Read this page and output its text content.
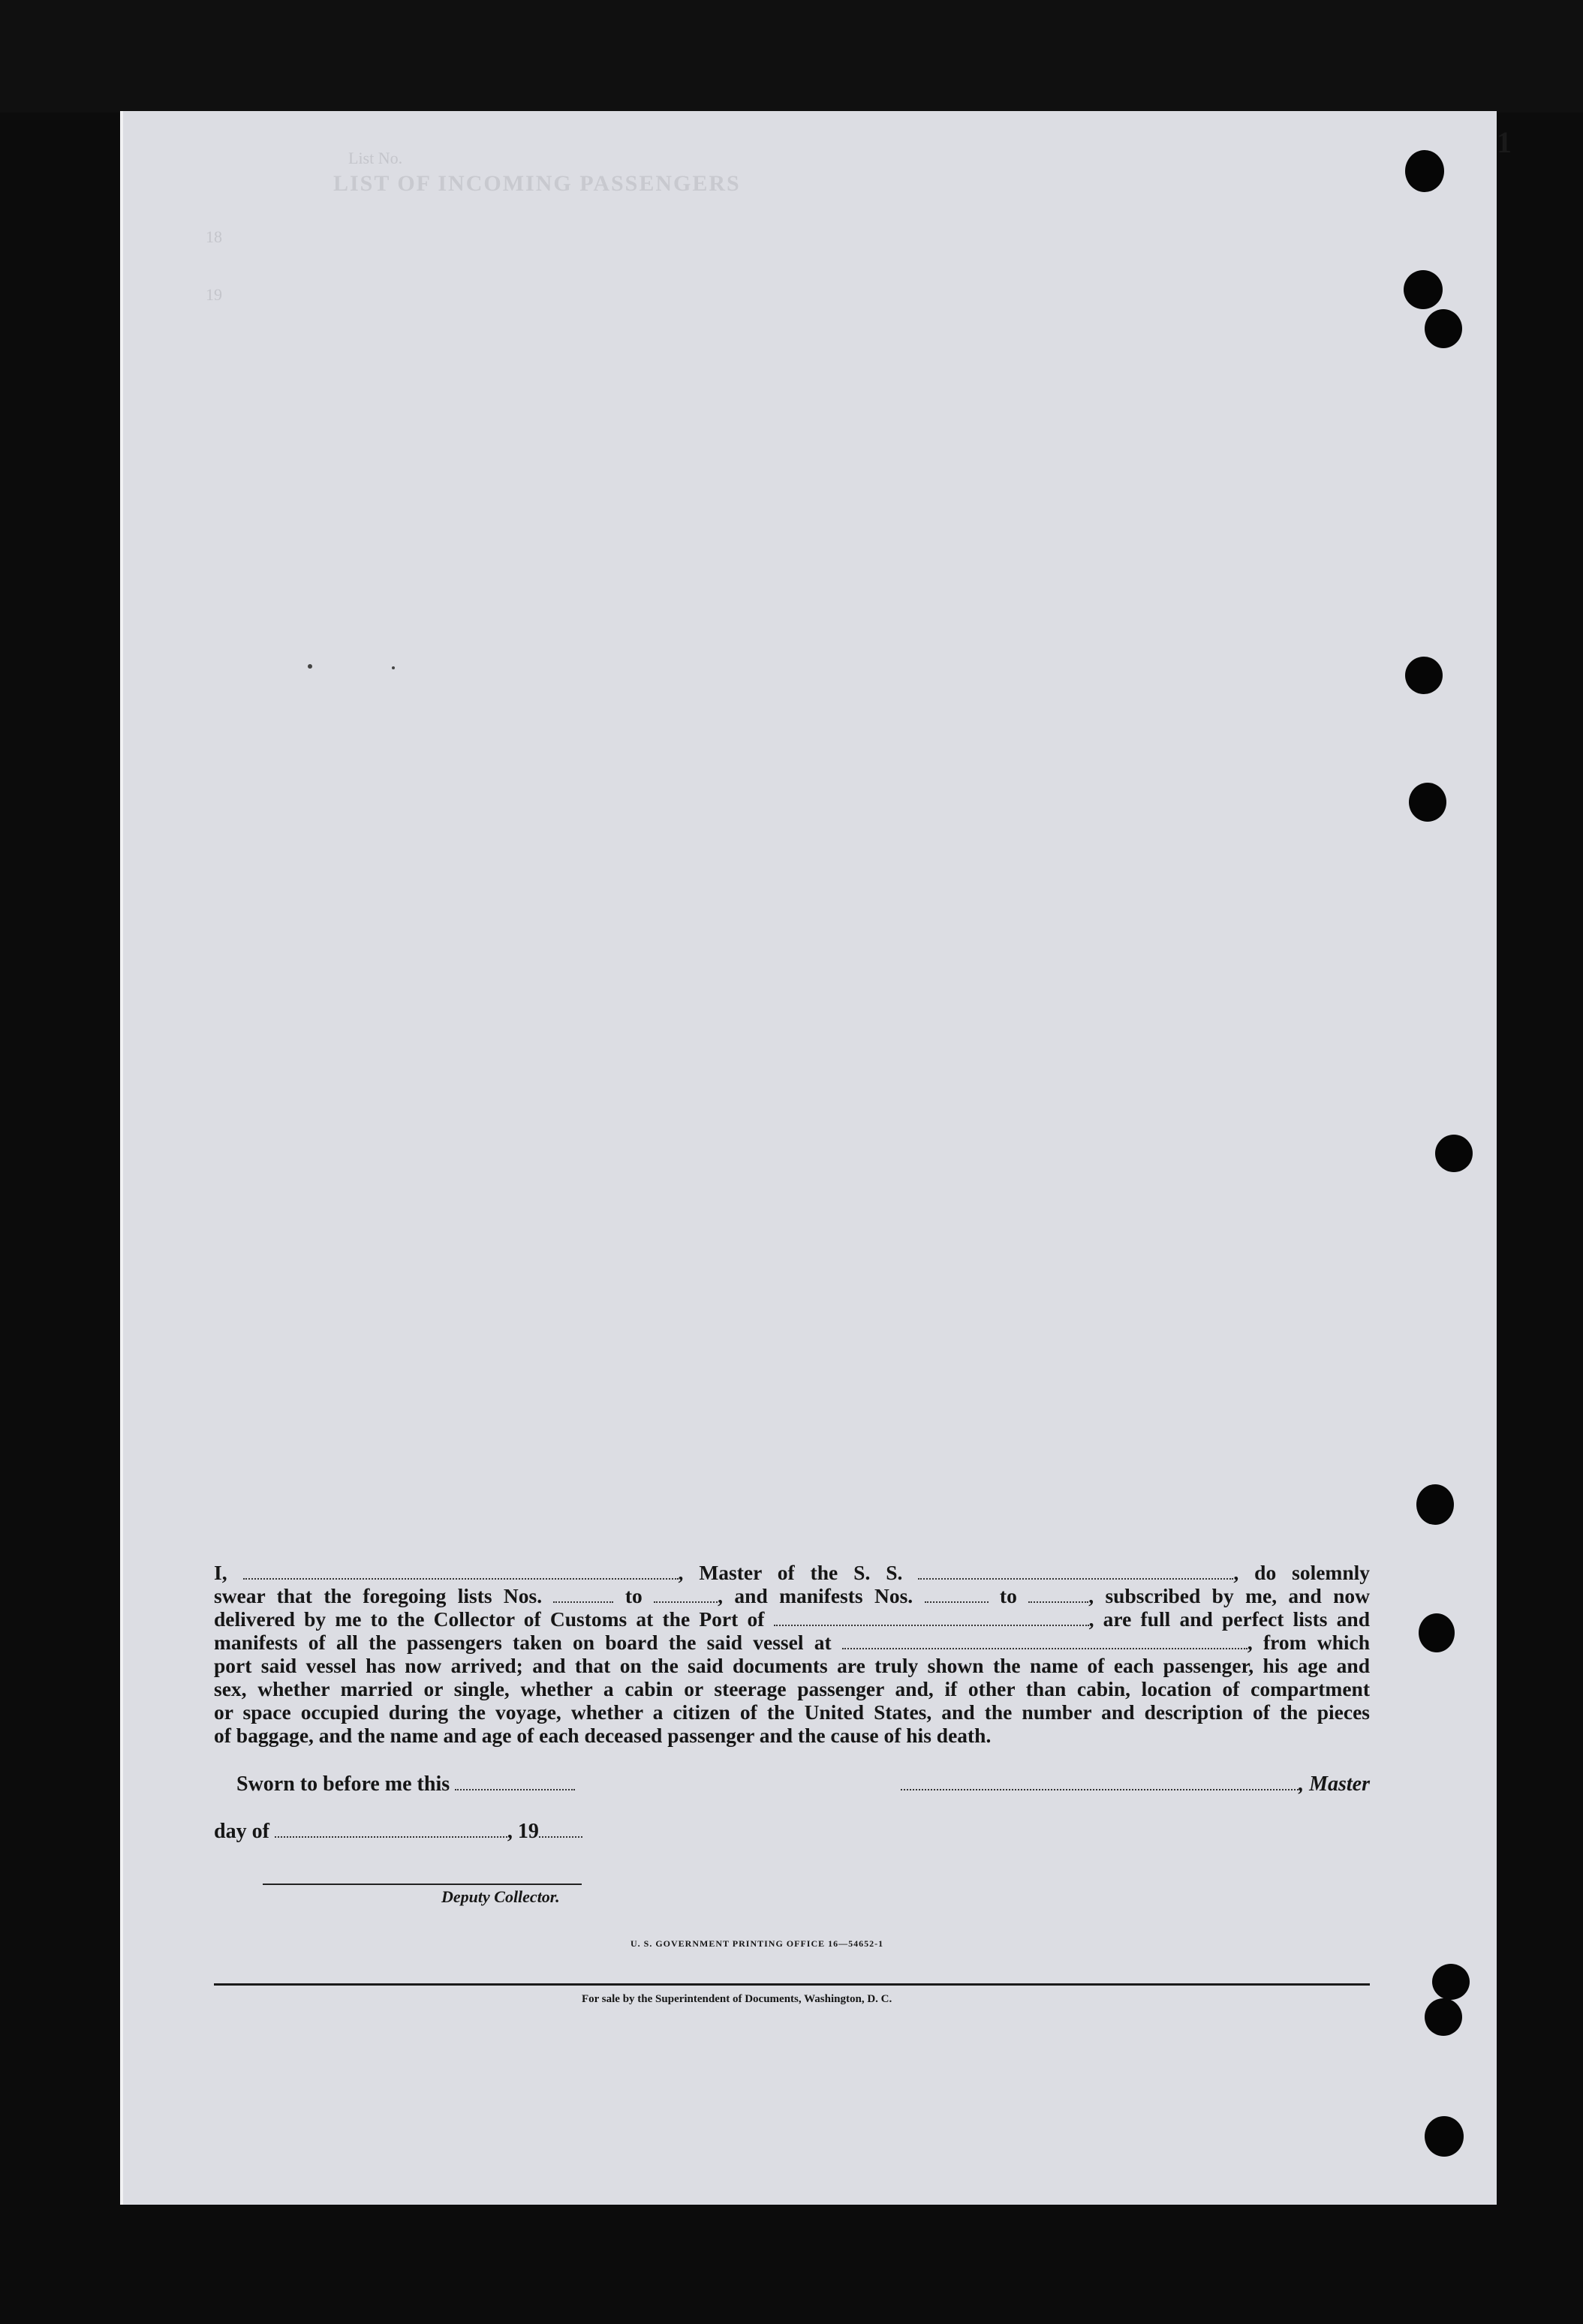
List No.
LIST OF INCOMING PASSENGERS
18
19
1

I,	, Master of the S. S.	, do solemnly

swear that the foregoing lists Nos.	to	, and manifests Nos.	to	, subscribed by me, and now

delivered by me to the Collector of Customs at the Port of	, are full and perfect lists and

manifests of all the passengers taken on board the said vessel at	, from which

port said vessel has now arrived; and that on the said documents are truly shown the name of each passenger, his age and

sex, whether married or single, whether a cabin or steerage passenger and, if other than cabin, location of compartment

or space occupied during the voyage, whether a citizen of the United States, and the number and description of the pieces

of baggage, and the name and age of each deceased passenger and the cause of his death.

Sworn to before me this	, Master
day of	, 19
Deputy Collector.
U. S. GOVERNMENT PRINTING OFFICE 16—54652-1
For sale by the Superintendent of Documents, Washington, D. C.
